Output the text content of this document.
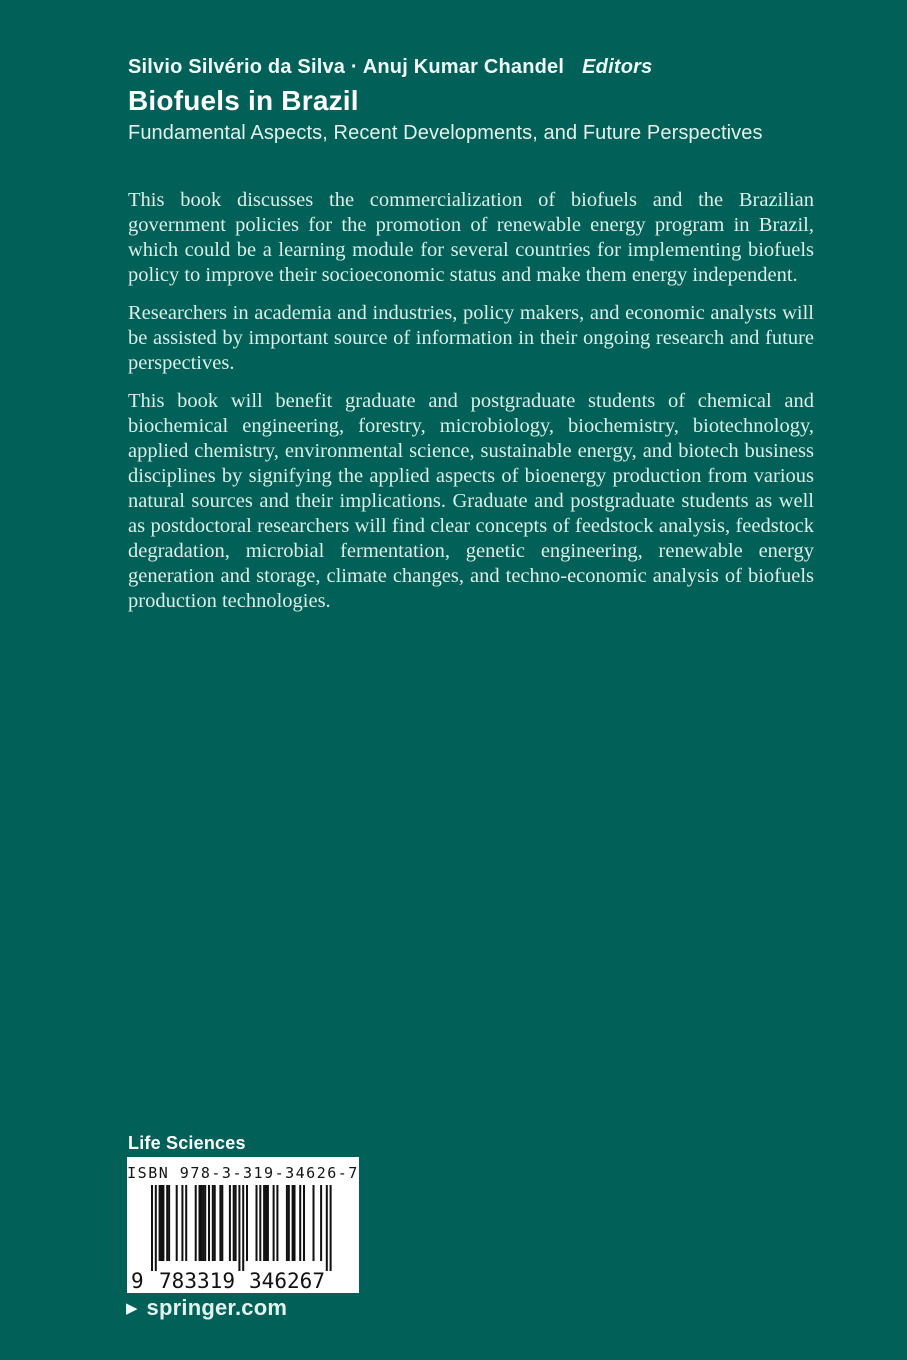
Silvio Silvério da Silva · Anuj Kumar Chandel Editors
Biofuels in Brazil
Fundamental Aspects, Recent Developments, and Future Perspectives

This book discusses the commercialization of biofuels and the Brazilian government policies for the promotion of renewable energy program in Brazil, which could be a learning module for several countries for implementing biofuels policy to improve their socioeconomic status and make them energy independent.

Researchers in academia and industries, policy makers, and economic analysts will be assisted by important source of information in their ongoing research and future perspectives.

This book will benefit graduate and postgraduate students of chemical and biochemical engineering, forestry, microbiology, biochemistry, biotechnology, applied chemistry, environmental science, sustainable energy, and biotech business disciplines by signifying the applied aspects of bioenergy production from various natural sources and their implications. Graduate and postgraduate students as well as postdoctoral researchers will find clear concepts of feedstock analysis, feedstock degradation, microbial fermentation, genetic engineering, renewable energy generation and storage, climate changes, and techno-economic analysis of biofuels production technologies.

Life Sciences
ISBN 978-3-319-34626-7
9 783319 346267
▶ springer.com
